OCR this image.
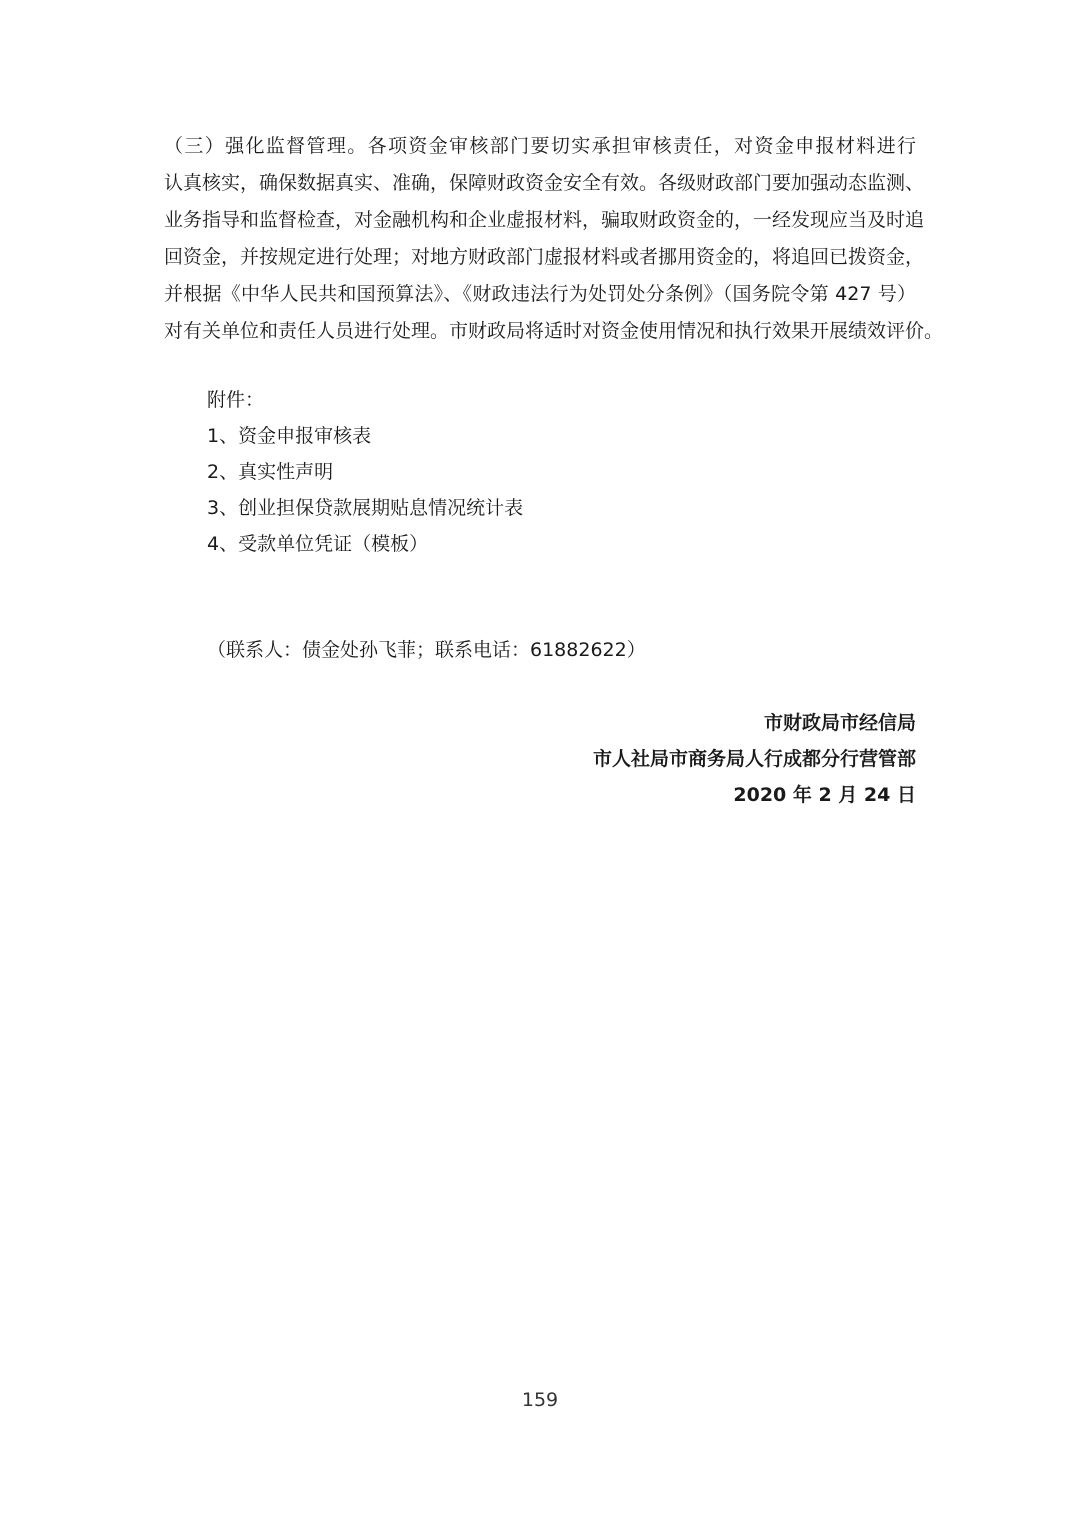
（三）强化监督管理。各项资金审核部门要切实承担审核责任，对资金申报材料进行
认真核实，确保数据真实、准确，保障财政资金安全有效。各级财政部门要加强动态监测、
业务指导和监督检查，对金融机构和企业虚报材料，骗取财政资金的，一经发现应当及时追
回资金，并按规定进行处理；对地方财政部门虚报材料或者挪用资金的，将追回已拨资金，
并根据《中华人民共和国预算法》、《财政违法行为处罚处分条例》（国务院令第 427 号）
对有关单位和责任人员进行处理。市财政局将适时对资金使用情况和执行效果开展绩效评价。
附件：
1、资金申报审核表
2、真实性声明
3、创业担保贷款展期贴息情况统计表
4、受款单位凭证（模板）
（联系人：债金处孙飞菲；联系电话：61882622）
市财政局市经信局
市人社局市商务局人行成都分行营管部
2020 年 2 月 24 日
159
